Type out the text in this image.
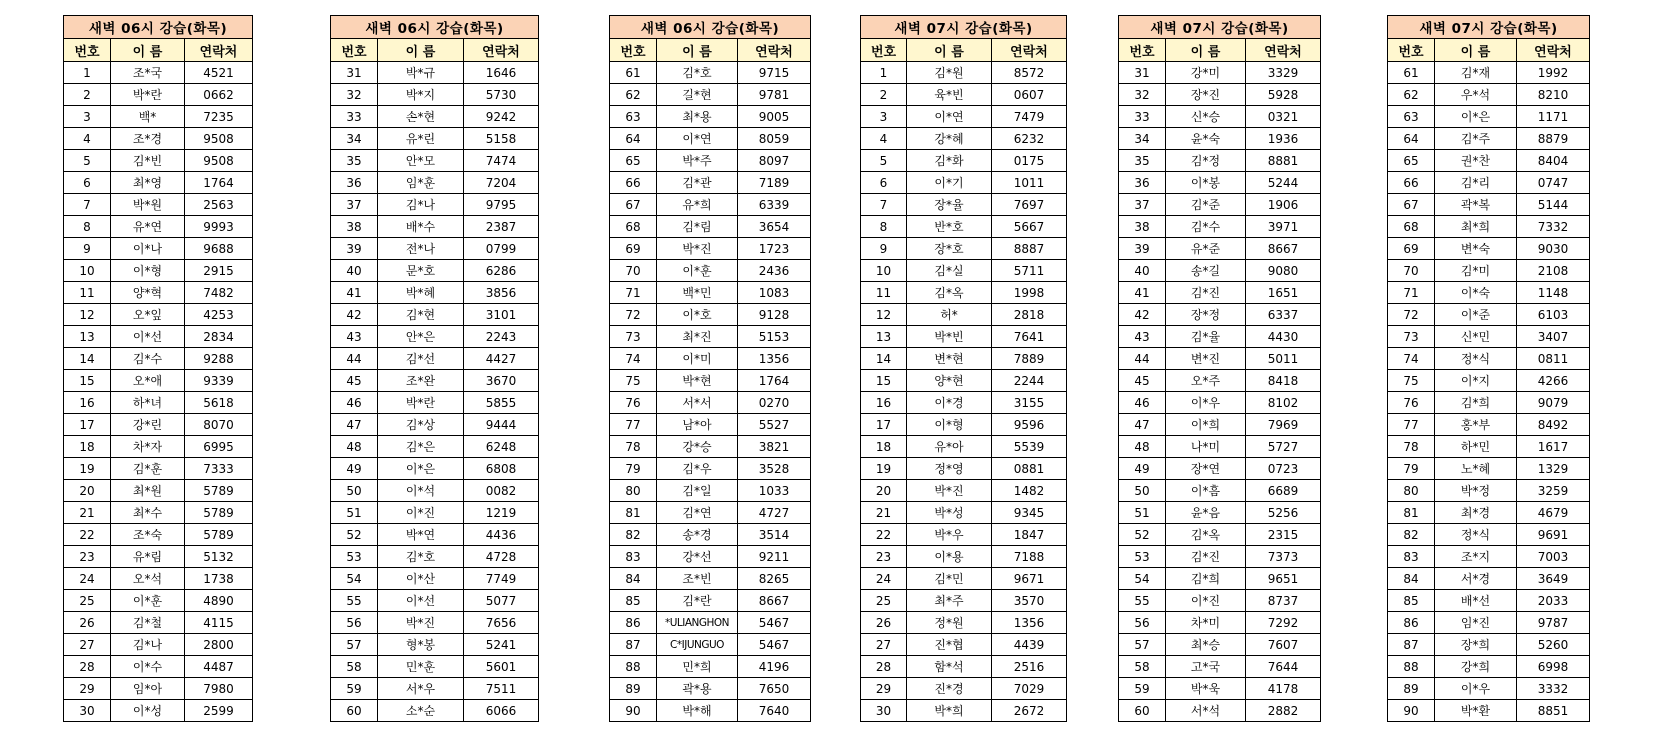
새벽 06시 강습(화목)		
번호	이 름	연락처
1	조*국	4521
2	박*란	0662
3	백*	7235
4	조*경	9508
5	김*빈	9508
6	최*영	1764
7	박*원	2563
8	유*연	9993
9	이*나	9688
10	이*형	2915
11	양*혁	7482
12	오*잎	4253
13	이*선	2834
14	김*수	9288
15	오*애	9339
16	하*녀	5618
17	강*린	8070
18	차*자	6995
19	김*훈	7333
20	최*원	5789
21	최*수	5789
22	조*숙	5789
23	유*림	5132
24	오*석	1738
25	이*훈	4890
26	김*철	4115
27	김*나	2800
28	이*수	4487
29	임*아	7980
30	이*성	2599
새벽 06시 강습(화목)		
번호	이 름	연락처
31	박*규	1646
32	박*지	5730
33	손*현	9242
34	유*린	5158
35	안*모	7474
36	임*훈	7204
37	김*나	9795
38	배*수	2387
39	전*나	0799
40	문*호	6286
41	박*혜	3856
42	김*현	3101
43	안*은	2243
44	김*선	4427
45	조*완	3670
46	박*란	5855
47	김*상	9444
48	김*은	6248
49	이*은	6808
50	이*석	0082
51	이*진	1219
52	박*연	4436
53	김*호	4728
54	이*산	7749
55	이*선	5077
56	박*진	7656
57	형*봉	5241
58	민*훈	5601
59	서*우	7511
60	소*순	6066
새벽 06시 강습(화목)		
번호	이 름	연락처
61	김*호	9715
62	길*현	9781
63	최*용	9005
64	이*연	8059
65	박*주	8097
66	김*관	7189
67	유*희	6339
68	김*림	3654
69	박*진	1723
70	이*훈	2436
71	백*민	1083
72	이*호	9128
73	최*진	5153
74	이*미	1356
75	박*현	1764
76	서*서	0270
77	남*아	5527
78	강*승	3821
79	김*우	3528
80	김*일	1033
81	김*연	4727
82	송*경	3514
83	강*선	9211
84	조*빈	8265
85	김*란	8667
86	*ULIANGHON	5467
87	C*IJUNGUO	5467
88	민*희	4196
89	곽*용	7650
90	박*해	7640
새벽 07시 강습(화목)		
번호	이 름	연락처
1	김*원	8572
2	육*빈	0607
3	이*연	7479
4	강*혜	6232
5	김*화	0175
6	이*기	1011
7	장*율	7697
8	반*호	5667
9	장*호	8887
10	김*실	5711
11	김*옥	1998
12	허*	2818
13	박*빈	7641
14	변*현	7889
15	양*현	2244
16	이*경	3155
17	이*형	9596
18	유*아	5539
19	정*영	0881
20	박*진	1482
21	박*성	9345
22	박*우	1847
23	이*용	7188
24	김*민	9671
25	최*주	3570
26	정*원	1356
27	진*협	4439
28	함*석	2516
29	진*경	7029
30	박*희	2672
새벽 07시 강습(화목)		
번호	이 름	연락처
31	강*미	3329
32	장*진	5928
33	신*승	0321
34	윤*숙	1936
35	김*정	8881
36	이*봉	5244
37	김*준	1906
38	김*수	3971
39	유*준	8667
40	송*길	9080
41	김*진	1651
42	장*정	6337
43	김*율	4430
44	변*진	5011
45	오*주	8418
46	이*우	8102
47	이*희	7969
48	나*미	5727
49	장*연	0723
50	이*흠	6689
51	윤*음	5256
52	김*옥	2315
53	김*진	7373
54	김*희	9651
55	이*진	8737
56	차*미	7292
57	최*승	7607
58	고*국	7644
59	박*욱	4178
60	서*석	2882
새벽 07시 강습(화목)		
번호	이 름	연락처
61	김*재	1992
62	우*석	8210
63	이*은	1171
64	김*주	8879
65	권*찬	8404
66	김*리	0747
67	곽*복	5144
68	최*희	7332
69	변*숙	9030
70	김*미	2108
71	이*숙	1148
72	이*준	6103
73	신*민	3407
74	정*식	0811
75	이*지	4266
76	김*희	9079
77	홍*부	8492
78	하*민	1617
79	노*혜	1329
80	박*정	3259
81	최*경	4679
82	정*식	9691
83	조*지	7003
84	서*경	3649
85	배*선	2033
86	임*진	9787
87	장*희	5260
88	강*희	6998
89	이*우	3332
90	박*환	8851
